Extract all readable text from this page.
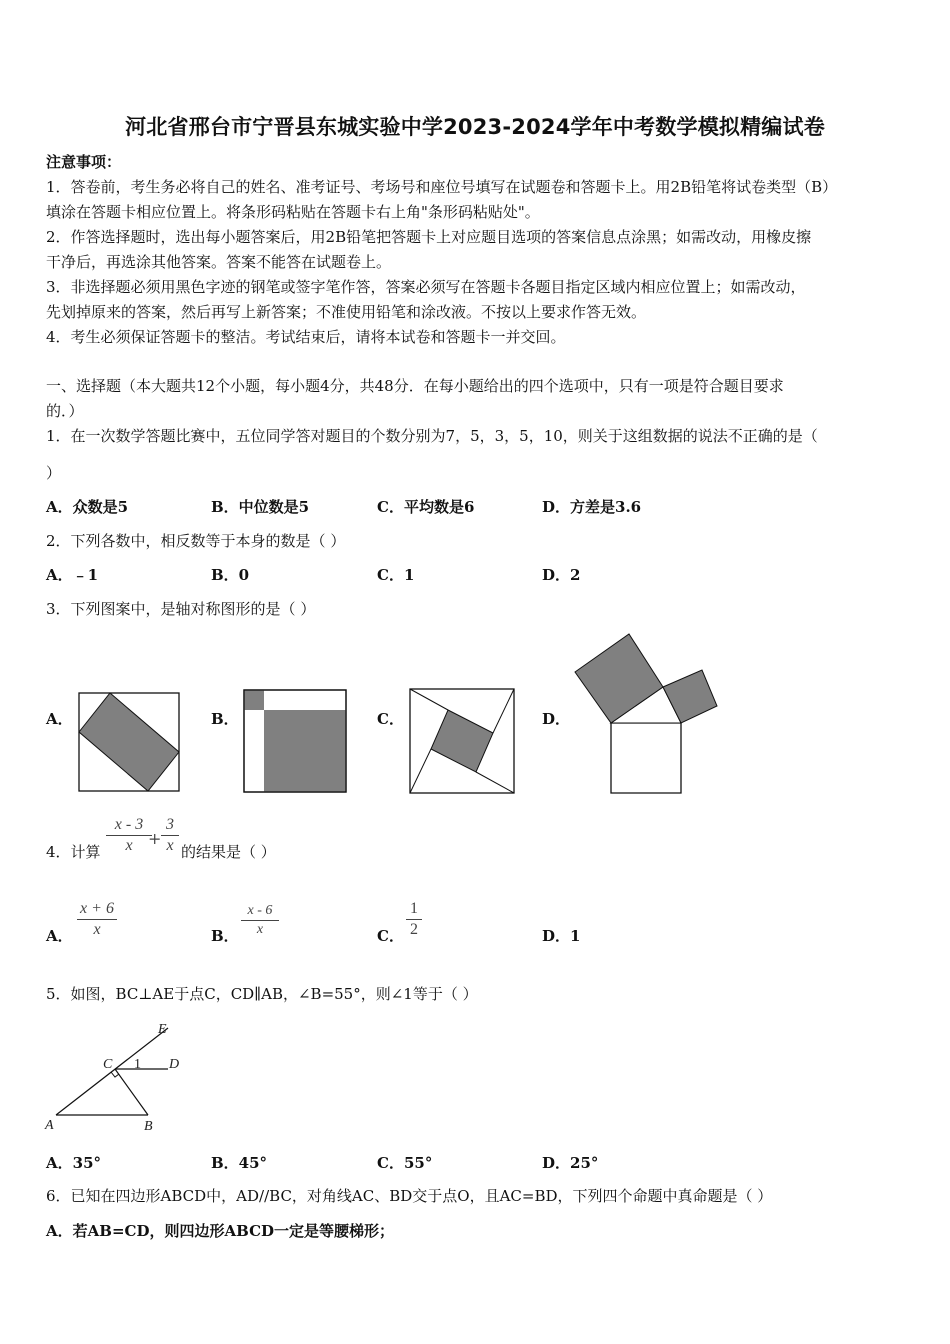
河北省邢台市宁晋县东城实验中学2023-2024学年中考数学模拟精编试卷
注意事项：
1．答卷前，考生务必将自己的姓名、准考证号、考场号和座位号填写在试题卷和答题卡上。用2B铅笔将试卷类型（B）
填涂在答题卡相应位置上。将条形码粘贴在答题卡右上角"条形码粘贴处"。
2．作答选择题时，选出每小题答案后，用2B铅笔把答题卡上对应题目选项的答案信息点涂黑；如需改动，用橡皮擦
干净后，再选涂其他答案。答案不能答在试题卷上。
3．非选择题必须用黑色字迹的钢笔或签字笔作答，答案必须写在答题卡各题目指定区域内相应位置上；如需改动，
先划掉原来的答案，然后再写上新答案；不准使用铅笔和涂改液。不按以上要求作答无效。
4．考生必须保证答题卡的整洁。考试结束后，请将本试卷和答题卡一并交回。
一、选择题（本大题共12个小题，每小题4分，共48分．在每小题给出的四个选项中，只有一项是符合题目要求
的．）
1．在一次数学答题比赛中，五位同学答对题目的个数分别为7，5，3，5，10，则关于这组数据的说法不正确的是（
）
A．众数是5	B．中位数是5	C．平均数是6	D．方差是3.6
2．下列各数中，相反数等于本身的数是（ ）
A．﹣1	B．0	C．1	D．2
3．下列图案中，是轴对称图形的是（ ）
A．	B．	C．	D．
4．计算
x - 3
x +
3
x 的结果是（ ）
A．
x + 6
x	B．
x - 6
x	C．
1
2	D．1
5．如图，BC⊥AE于点C，CD∥AB，∠B=55°，则∠1等于（ ）
E
C 1 D
A	B
A．35°	B．45°	C．55°	D．25°
6．已知在四边形ABCD中，AD//BC，对角线AC、BD交于点O，且AC=BD，下列四个命题中真命题是（ ）
A．若AB=CD，则四边形ABCD一定是等腰梯形；
